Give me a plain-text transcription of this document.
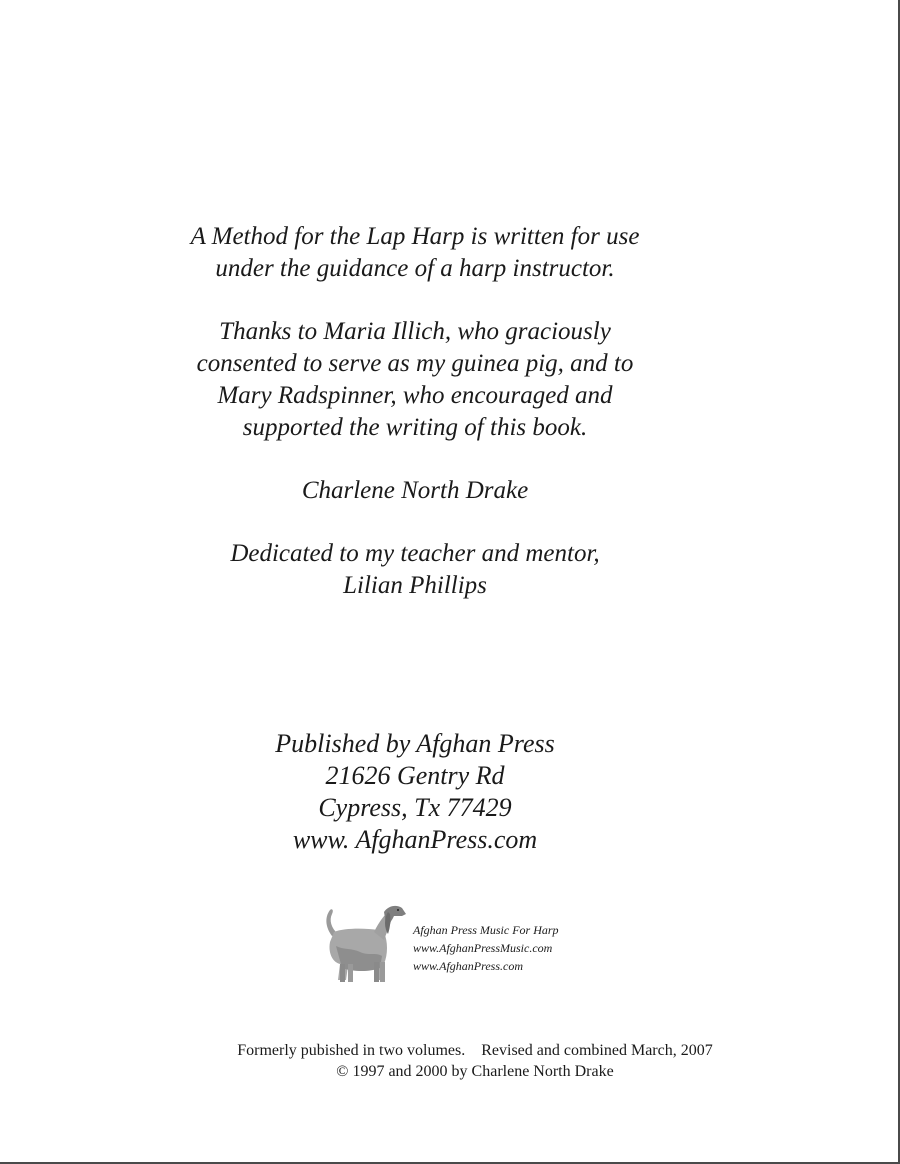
A Method for the Lap Harp is written for use
under the guidance of a harp instructor.
Thanks to Maria Illich, who graciously
consented to serve as my guinea pig, and to
Mary Radspinner, who encouraged and
supported the writing of this book.
Charlene North Drake
Dedicated to my teacher and mentor,
Lilian Phillips
Published by Afghan Press
21626 Gentry Rd
Cypress, Tx 77429
www. AfghanPress.com
Afghan Press Music For Harp
www.AfghanPressMusic.com
www.AfghanPress.com
Formerly pubished in two volumes.    Revised and combined March, 2007
© 1997 and 2000 by Charlene North Drake
